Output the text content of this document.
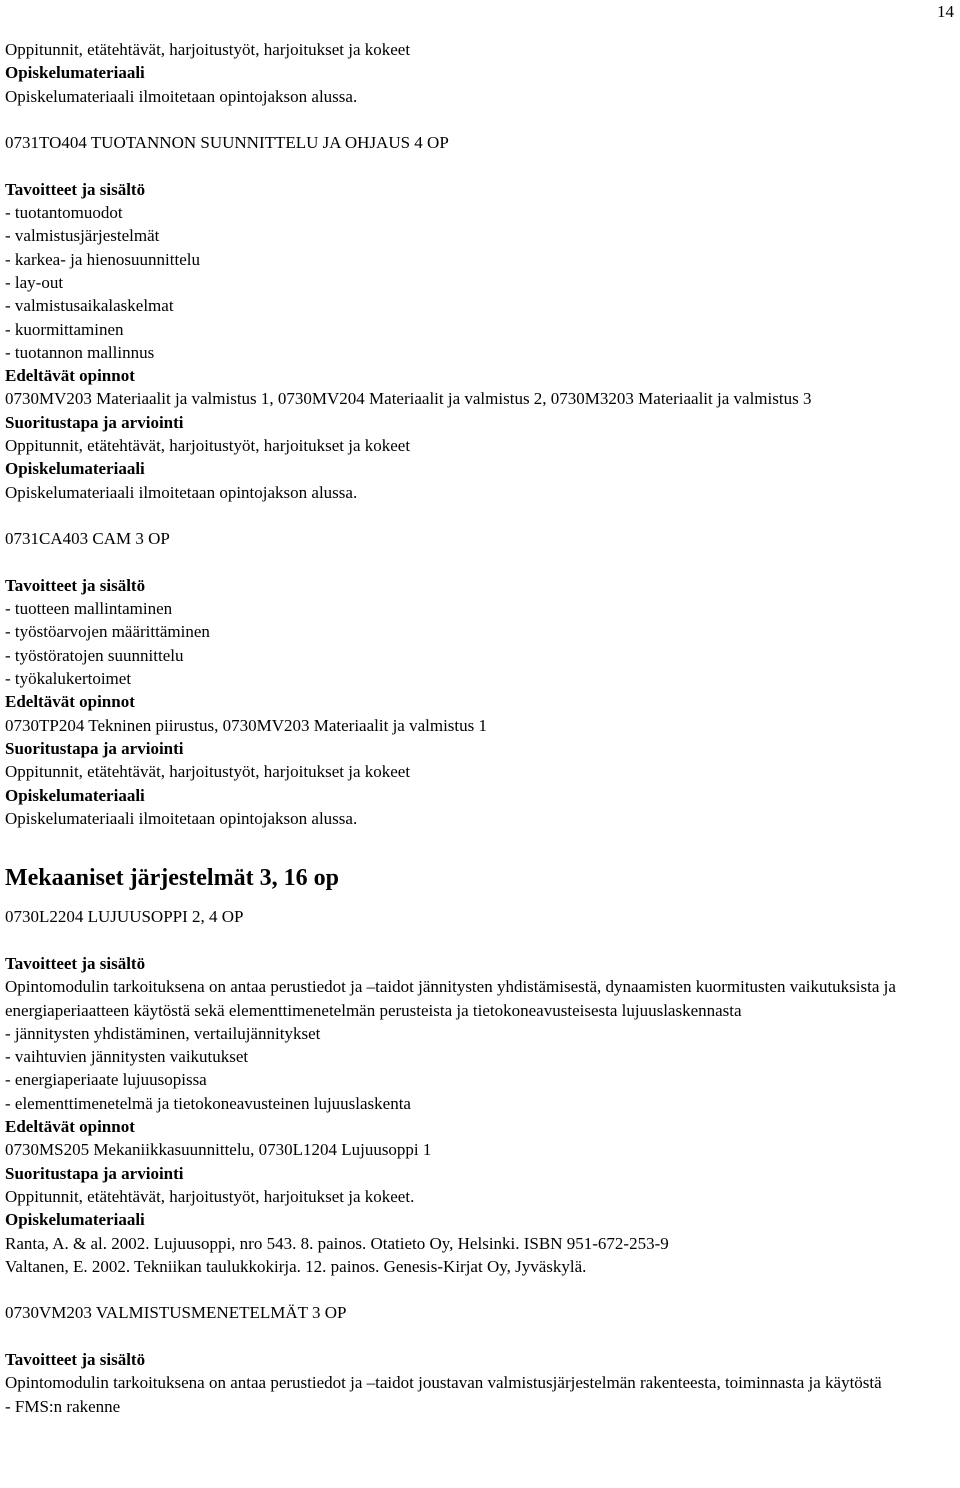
14
Oppitunnit, etätehtävät, harjoitustyöt, harjoitukset ja kokeet
Opiskelumateriaali
Opiskelumateriaali ilmoitetaan opintojakson alussa.
0731TO404 TUOTANNON SUUNNITTELU JA OHJAUS 4 OP
Tavoitteet ja sisältö
- tuotantomuodot
- valmistusjärjestelmät
- karkea- ja hienosuunnittelu
- lay-out
- valmistusaikalaskelmat
- kuormittaminen
- tuotannon mallinnus
Edeltävät opinnot
0730MV203 Materiaalit ja valmistus 1, 0730MV204 Materiaalit ja valmistus 2, 0730M3203 Materiaalit ja valmistus 3
Suoritustapa ja arviointi
Oppitunnit, etätehtävät, harjoitustyöt, harjoitukset ja kokeet
Opiskelumateriaali
Opiskelumateriaali ilmoitetaan opintojakson alussa.
0731CA403 CAM 3 OP
Tavoitteet ja sisältö
- tuotteen mallintaminen
- työstöarvojen määrittäminen
- työstöratojen suunnittelu
- työkalukertoimet
Edeltävät opinnot
0730TP204 Tekninen piirustus, 0730MV203 Materiaalit ja valmistus 1
Suoritustapa ja arviointi
Oppitunnit, etätehtävät, harjoitustyöt, harjoitukset ja kokeet
Opiskelumateriaali
Opiskelumateriaali ilmoitetaan opintojakson alussa.
Mekaaniset järjestelmät 3, 16 op
0730L2204 LUJUUSOPPI 2, 4 OP
Tavoitteet ja sisältö
Opintomodulin tarkoituksena on antaa perustiedot ja –taidot jännitysten yhdistämisestä, dynaamisten kuormitusten vaikutuksista ja energiaperiaatteen käytöstä sekä elementtimenetelmän perusteista ja tietokoneavusteisesta lujuuslaskennasta
- jännitysten yhdistäminen, vertailujännitykset
- vaihtuvien jännitysten vaikutukset
- energiaperiaate lujuusopissa
- elementtimenetelmä ja tietokoneavusteinen lujuuslaskenta
Edeltävät opinnot
0730MS205 Mekaniikkasuunnittelu, 0730L1204 Lujuusoppi 1
Suoritustapa ja arviointi
Oppitunnit, etätehtävät, harjoitustyöt, harjoitukset ja kokeet.
Opiskelumateriaali
Ranta, A. & al. 2002. Lujuusoppi, nro 543. 8. painos. Otatieto Oy, Helsinki. ISBN 951-672-253-9
Valtanen, E. 2002. Tekniikan taulukkokirja. 12. painos. Genesis-Kirjat Oy, Jyväskylä.
0730VM203 VALMISTUSMENETELMÄT 3 OP
Tavoitteet ja sisältö
Opintomodulin tarkoituksena on antaa perustiedot ja –taidot joustavan valmistusjärjestelmän rakenteesta, toiminnasta ja käytöstä
- FMS:n rakenne
